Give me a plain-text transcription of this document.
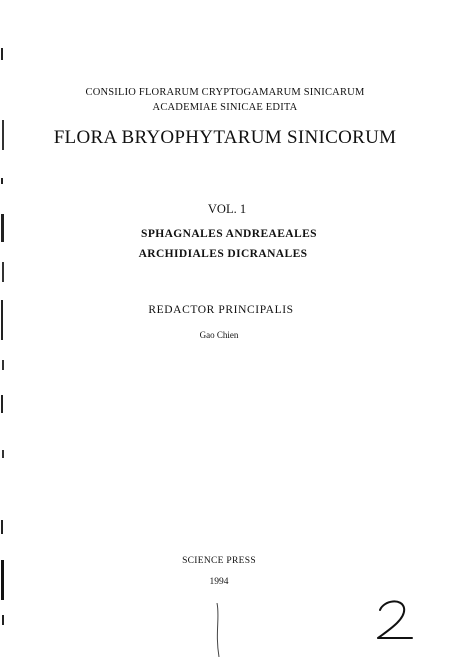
CONSILIO FLORARUM CRYPTOGAMARUM SINICARUM
ACADEMIAE SINICAE EDITA
FLORA BRYOPHYTARUM SINICORUM
VOL. 1
SPHAGNALES ANDREAEALES
ARCHIDIALES DICRANALES
REDACTOR PRINCIPALIS
Gao Chien
SCIENCE PRESS
1994
